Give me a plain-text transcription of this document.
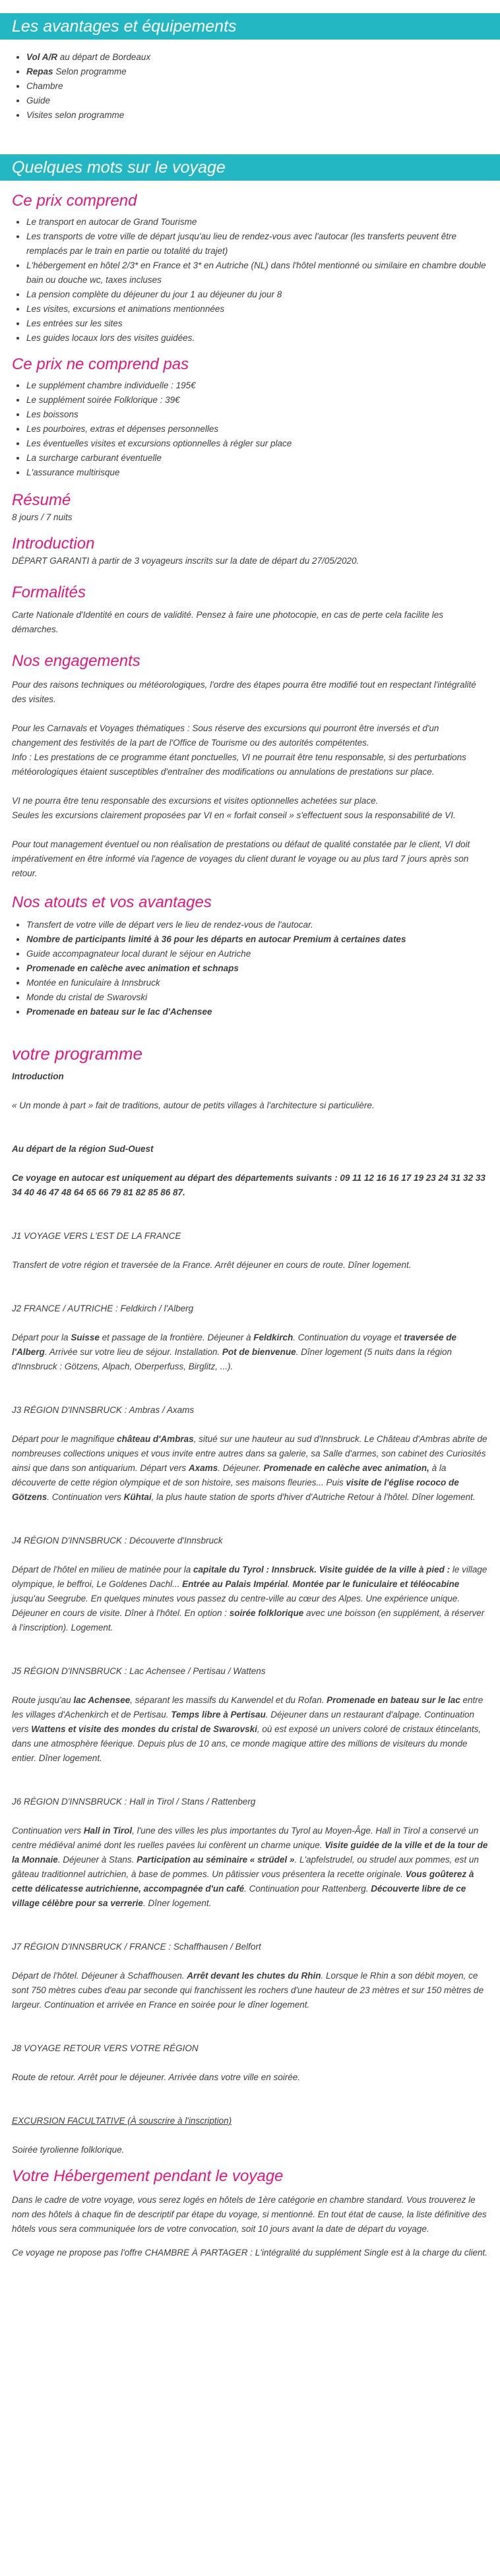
Les avantages et équipements
• Vol A/R au départ de Bordeaux
• Repas Selon programme
• Chambre
• Guide
• Visites selon programme
Quelques mots sur le voyage
Ce prix comprend
• Le transport en autocar de Grand Tourisme
• Les transports de votre ville de départ jusqu'au lieu de rendez-vous avec l'autocar (les transferts peuvent être remplacés par le train en partie ou totalité du trajet)
• L'hébergement en hôtel 2/3* en France et 3* en Autriche (NL) dans l'hôtel mentionné ou similaire en chambre double bain ou douche wc, taxes incluses
• La pension complète du déjeuner du jour 1 au déjeuner du jour 8
• Les visites, excursions et animations mentionnées
• Les entrées sur les sites
• Les guides locaux lors des visites guidées.
Ce prix ne comprend pas
• Le supplément chambre individuelle : 195€
• Le supplément soirée Folklorique : 39€
• Les boissons
• Les pourboires, extras et dépenses personnelles
• Les éventuelles visites et excursions optionnelles à régler sur place
• La surcharge carburant éventuelle
• L'assurance multirisque
Résumé

8 jours / 7 nuits

Introduction

DÉPART GARANTI à partir de 3 voyageurs inscrits sur la date de départ du 27/05/2020.

Formalités

Carte Nationale d'Identité en cours de validité. Pensez à faire une photocopie, en cas de perte cela facilite les démarches.

Nos engagements

Pour des raisons techniques ou météorologiques, l'ordre des étapes pourra être modifié tout en respectant l'intégralité des visites.

Pour les Carnavals et Voyages thématiques : Sous réserve des excursions qui pourront être inversés et d'un changement des festivités de la part de l'Office de Tourisme ou des autorités compétentes.

Info : Les prestations de ce programme étant ponctuelles, VI ne pourrait être tenu responsable, si des perturbations météorologiques étaient susceptibles d'entraîner des modifications ou annulations de prestations sur place.

VI ne pourra être tenu responsable des excursions et visites optionnelles achetées sur place.

Seules les excursions clairement proposées par VI en « forfait conseil » s'effectuent sous la responsabilité de VI.

Pour tout management éventuel ou non réalisation de prestations ou défaut de qualité constatée par le client, VI doit impérativement en être informé via l'agence de voyages du client durant le voyage ou au plus tard 7 jours après son retour.

Nos atouts et vos avantages
• Transfert de votre ville de départ vers le lieu de rendez-vous de l'autocar.
• Nombre de participants limité à 36 pour les départs en autocar Premium à certaines dates
• Guide accompagnateur local durant le séjour en Autriche
• Promenade en calèche avec animation et schnaps
• Montée en funiculaire à Innsbruck
• Monde du cristal de Swarovski
• Promenade en bateau sur le lac d'Achensee
votre programme

Introduction

« Un monde à part » fait de traditions, autour de petits villages à l'architecture si particulière.

Au départ de la région Sud-Ouest

Ce voyage en autocar est uniquement au départ des départements suivants : 09 11 12 16 16 17 19 23 24 31 32 33 34 40 46 47 48 64 65 66 79 81 82 85 86 87.

J1 VOYAGE VERS L'EST DE LA FRANCE

Transfert de votre région et traversée de la France. Arrêt déjeuner en cours de route. Dîner logement.

J2 FRANCE / AUTRICHE : Feldkirch / l'Alberg

Départ pour la Suisse et passage de la frontière. Déjeuner à Feldkirch. Continuation du voyage et traversée de l'Alberg. Arrivée sur votre lieu de séjour. Installation. Pot de bienvenue. Dîner logement (5 nuits dans la région d'Innsbruck : Götzens, Alpach, Oberperfuss, Birglitz, ...).

J3 RÉGION D'INNSBRUCK : Ambras / Axams

Départ pour le magnifique château d'Ambras, situé sur une hauteur au sud d'Innsbruck. Le Château d'Ambras abrite de nombreuses collections uniques et vous invite entre autres dans sa galerie, sa Salle d'armes, son cabinet des Curiosités ainsi que dans son antiquarium. Départ vers Axams. Déjeuner. Promenade en calèche avec animation, à la découverte de cette région olympique et de son histoire, ses maisons fleuries... Puis visite de l'église rococo de Götzens. Continuation vers Kühtai, la plus haute station de sports d'hiver d'Autriche Retour à l'hôtel. Dîner logement.

J4 RÉGION D'INNSBRUCK : Découverte d'Innsbruck

Départ de l'hôtel en milieu de matinée pour la capitale du Tyrol : Innsbruck. Visite guidée de la ville à pied : le village olympique, le beffroi, Le Goldenes Dachl... Entrée au Palais Impérial. Montée par le funiculaire et téléocabine jusqu'au Seegrube. En quelques minutes vous passez du centre-ville au cœur des Alpes. Une expérience unique. Déjeuner en cours de visite. Dîner à l'hôtel. En option : soirée folklorique avec une boisson (en supplément, à réserver à l'inscription). Logement.

J5 RÉGION D'INNSBRUCK : Lac Achensee / Pertisau / Wattens

Route jusqu'au lac Achensee, séparant les massifs du Karwendel et du Rofan. Promenade en bateau sur le lac entre les villages d'Achenkirch et de Pertisau. Temps libre à Pertisau. Déjeuner dans un restaurant d'alpage. Continuation vers Wattens et visite des mondes du cristal de Swarovski, où est exposé un univers coloré de cristaux étincelants, dans une atmosphère féerique. Depuis plus de 10 ans, ce monde magique attire des millions de visiteurs du monde entier. Dîner logement.

J6 RÉGION D'INNSBRUCK : Hall in Tirol / Stans / Rattenberg

Continuation vers Hall in Tirol, l'une des villes les plus importantes du Tyrol au Moyen-Âge. Hall in Tirol a conservé un centre médiéval animé dont les ruelles pavées lui confèrent un charme unique. Visite guidée de la ville et de la tour de la Monnaie. Déjeuner à Stans. Participation au séminaire « strüdel ». L'apfelstrudel, ou strudel aux pommes, est un gâteau traditionnel autrichien, à base de pommes. Un pâtissier vous présentera la recette originale. Vous goûterez à cette délicatesse autrichienne, accompagnée d'un café. Continuation pour Rattenberg. Découverte libre de ce village célèbre pour sa verrerie. Dîner logement.

J7 RÉGION D'INNSBRUCK / FRANCE : Schaffhausen / Belfort

Départ de l'hôtel. Déjeuner à Schaffhousen. Arrêt devant les chutes du Rhin. Lorsque le Rhin a son débit moyen, ce sont 750 mètres cubes d'eau par seconde qui franchissent les rochers d'une hauteur de 23 mètres et sur 150 mètres de largeur. Continuation et arrivée en France en soirée pour le dîner logement.

J8 VOYAGE RETOUR VERS VOTRE RÉGION

Route de retour. Arrêt pour le déjeuner. Arrivée dans votre ville en soirée.

EXCURSION FACULTATIVE (À souscrire à l'inscription)

Soirée tyrolienne folklorique.

Votre Hébergement pendant le voyage

Dans le cadre de votre voyage, vous serez logés en hôtels de 1ère catégorie en chambre standard. Vous trouverez le nom des hôtels à chaque fin de descriptif par étape du voyage, si mentionné. En tout état de cause, la liste définitive des hôtels vous sera communiquée lors de votre convocation, soit 10 jours avant la date de départ du voyage.

Ce voyage ne propose pas l'offre CHAMBRE À PARTAGER : L'intégralité du supplément Single est à la charge du client.
